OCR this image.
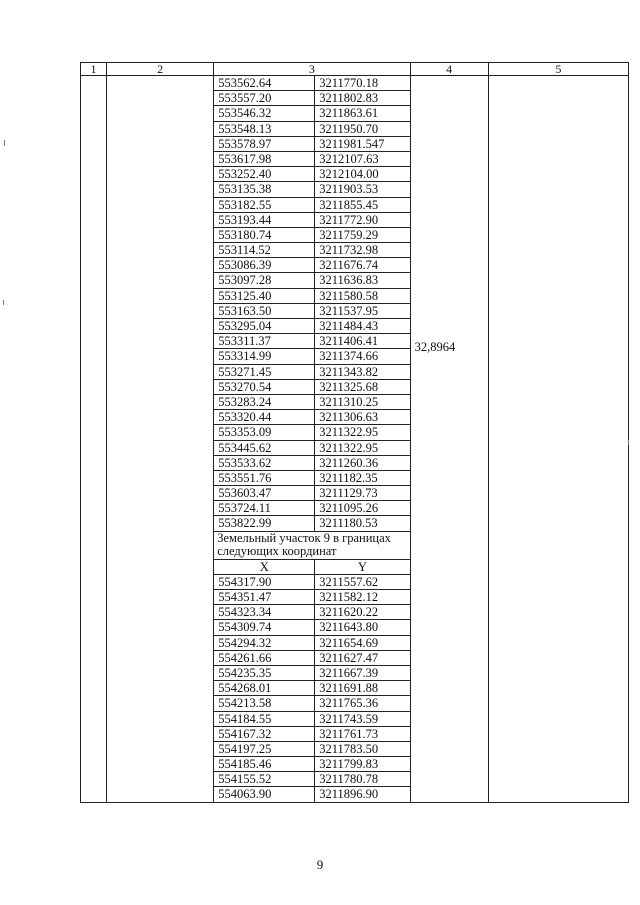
1	2	3	4	5

553562.64	3211770.18
553557.20	3211802.83
553546.32	3211863.61
553548.13	3211950.70
553578.97	3211981.547
553617.98	3212107.63
553252.40	3212104.00
553135.38	3211903.53
553182.55	3211855.45
553193.44	3211772.90
553180.74	3211759.29
553114.52	3211732.98
553086.39	3211676.74
553097.28	3211636.83
553125.40	3211580.58
553163.50	3211537.95
553295.04	3211484.43
553311.37	3211406.41
553314.99	3211374.66
553271.45	3211343.82
553270.54	3211325.68
553283.24	3211310.25
553320.44	3211306.63
553353.09	3211322.95
553445.62	3211322.95
553533.62	3211260.36
553551.76	3211182.35
553603.47	3211129.73
553724.11	3211095.26
553822.99	3211180.53
Земельный участок 9 в границах следующих координат
X	Y
554317.90	3211557.62
554351.47	3211582.12
554323.34	3211620.22
554309.74	3211643.80
554294.32	3211654.69
554261.66	3211627.47
554235.35	3211667.39
554268.01	3211691.88
554213.58	3211765.36
554184.55	3211743.59
554167.32	3211761.73
554197.25	3211783.50
554185.46	3211799.83
554155.52	3211780.78
554063.90	3211896.90

32,8964

9
